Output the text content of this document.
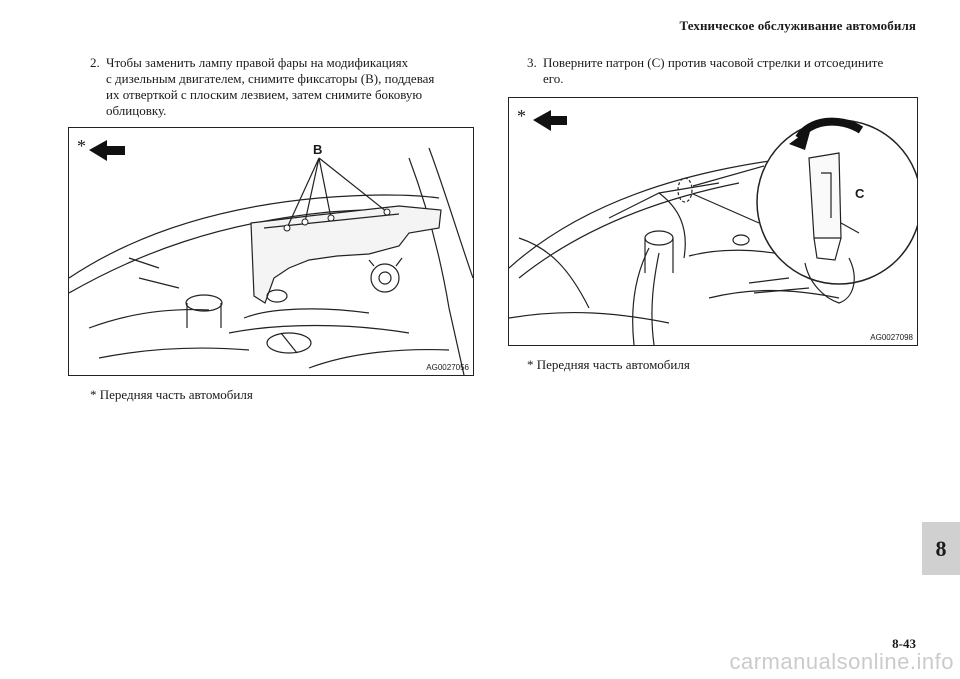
Техническое обслуживание автомобиля
2. Чтобы заменить лампу правой фары на модификациях
с дизельным двигателем, снимите фиксаторы (B), поддевая
их отверткой с плоским лезвием, затем снимите боковую
облицовку.
3. Поверните патрон (C) против часовой стрелки и отсоедините
его.
*	B
AG0027056
*
C
AG0027098
* Передняя часть автомобиля
* Передняя часть автомобиля
8
8-43
carmanualsonline.info
